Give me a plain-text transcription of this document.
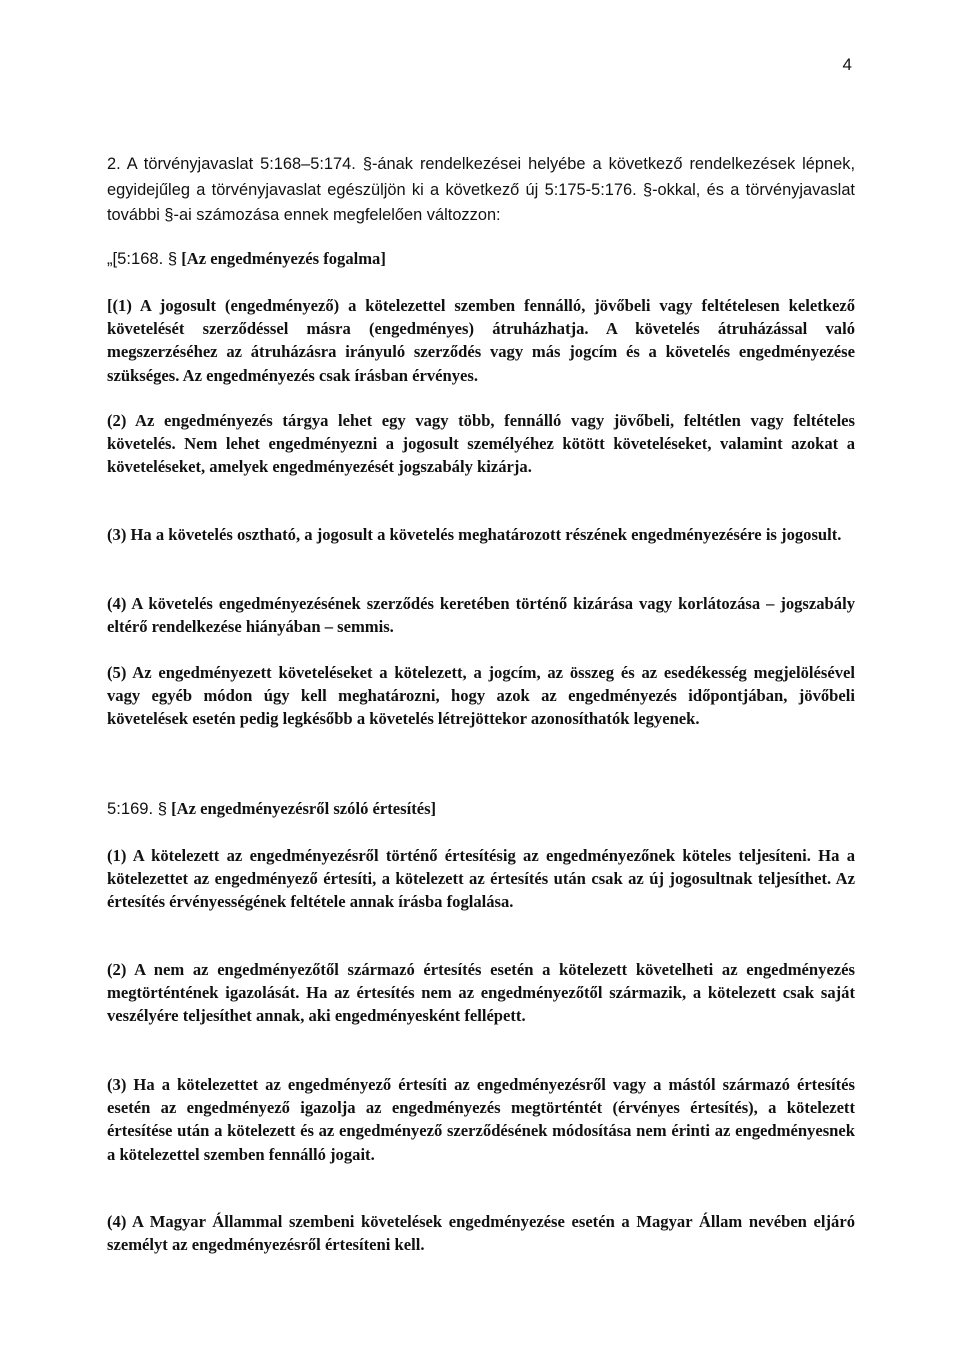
4

2. A törvényjavaslat 5:168–5:174. §-ának rendelkezései helyébe a következő rendelkezések lépnek, egyidejűleg a törvényjavaslat egészüljön ki a következő új 5:175-5:176. §-okkal, és a törvényjavaslat további §-ai számozása ennek megfelelően változzon:

„[5:168. § [Az engedményezés fogalma]

[(1) A jogosult (engedményező) a kötelezettel szemben fennálló, jövőbeli vagy feltételesen keletkező követelését szerződéssel másra (engedményes) átruházhatja. A követelés átruházással való megszerzéséhez az átruházásra irányuló szerződés vagy más jogcím és a követelés engedményezése szükséges. Az engedményezés csak írásban érvényes.

(2) Az engedményezés tárgya lehet egy vagy több, fennálló vagy jövőbeli, feltétlen vagy feltételes követelés. Nem lehet engedményezni a jogosult személyéhez kötött követeléseket, valamint azokat a követeléseket, amelyek engedményezését jogszabály kizárja.

(3) Ha a követelés osztható, a jogosult a követelés meghatározott részének engedményezésére is jogosult.

(4) A követelés engedményezésének szerződés keretében történő kizárása vagy korlátozása – jogszabály eltérő rendelkezése hiányában – semmis.

(5) Az engedményezett követeléseket a kötelezett, a jogcím, az összeg és az esedékesség megjelölésével vagy egyéb módon úgy kell meghatározni, hogy azok az engedményezés időpontjában, jövőbeli követelések esetén pedig legkésőbb a követelés létrejöttekor azonosíthatók legyenek.

5:169. § [Az engedményezésről szóló értesítés]

(1) A kötelezett az engedményezésről történő értesítésig az engedményezőnek köteles teljesíteni. Ha a kötelezettet az engedményező értesíti, a kötelezett az értesítés után csak az új jogosultnak teljesíthet. Az értesítés érvényességének feltétele annak írásba foglalása.

(2) A nem az engedményezőtől származó értesítés esetén a kötelezett követelheti az engedményezés megtörténtének igazolását. Ha az értesítés nem az engedményezőtől származik, a kötelezett csak saját veszélyére teljesíthet annak, aki engedményesként fellépett.

(3) Ha a kötelezettet az engedményező értesíti az engedményezésről vagy a mástól származó értesítés esetén az engedményező igazolja az engedményezés megtörténtét (érvényes értesítés), a kötelezett értesítése után a kötelezett és az engedményező szerződésének módosítása nem érinti az engedményesnek a kötelezettel szemben fennálló jogait.

(4) A Magyar Állammal szembeni követelések engedményezése esetén a Magyar Állam nevében eljáró személyt az engedményezésről értesíteni kell.
